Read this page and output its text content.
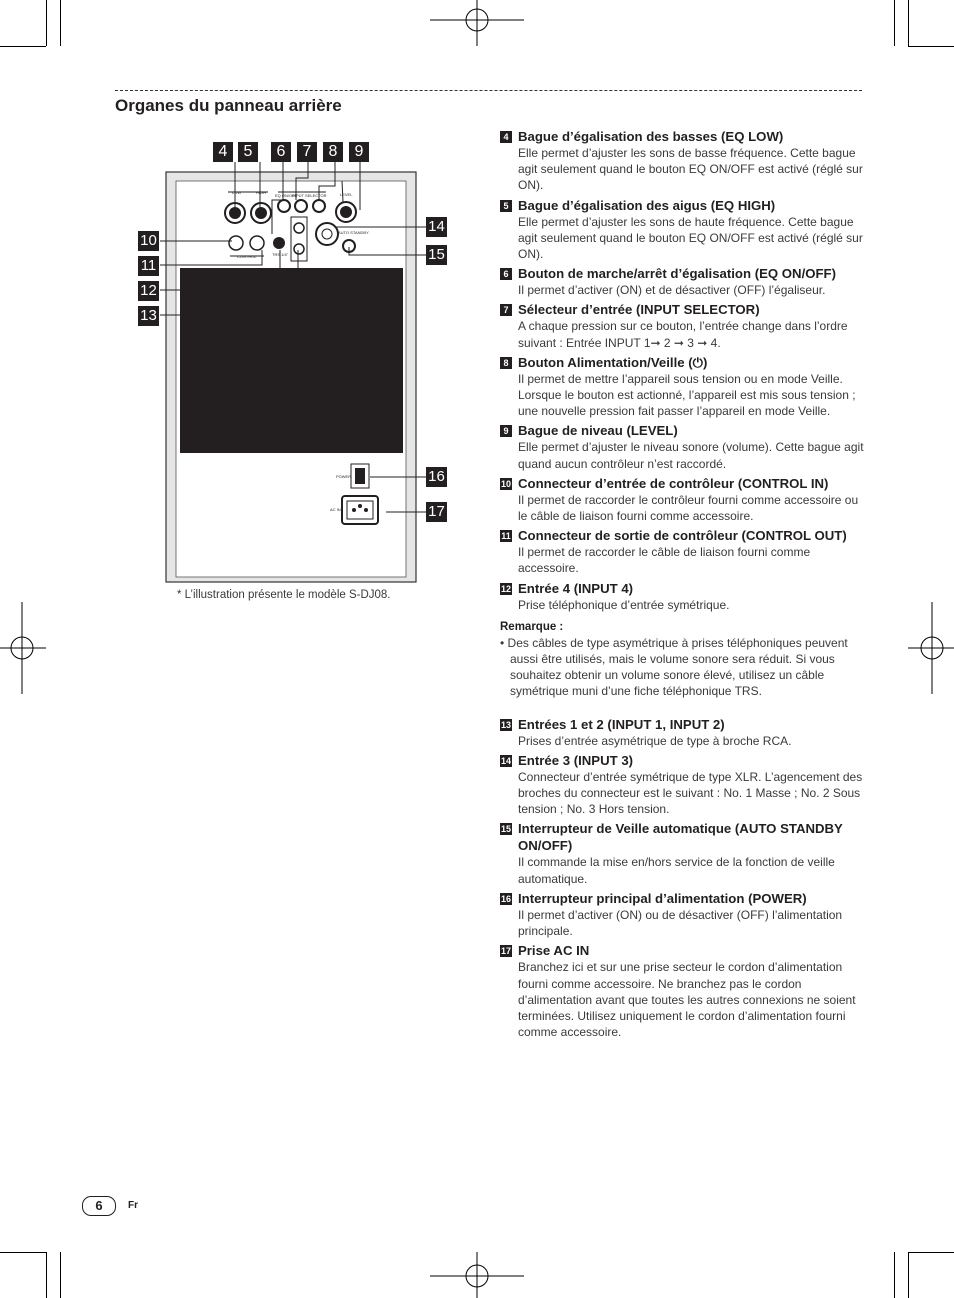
Organes du panneau arrière
LOW	HIGH
EQ ON/OFF
INPUT SELECTOR	LEVEL
CONTROL	TRS 1/4"
AUTO STANDBY
POWER
AC IN
4	5	6	7	8	9
10
11
12
13
14
15
16
17
* L’illustration présente le modèle S-DJ08.
4 Bague d’égalisation des basses (EQ LOW)
Elle permet d’ajuster les sons de basse fréquence. Cette bague agit seulement quand le bouton EQ ON/OFF est activé (réglé sur ON).
5 Bague d’égalisation des aigus (EQ HIGH)
Elle permet d’ajuster les sons de haute fréquence. Cette bague agit seulement quand le bouton EQ ON/OFF est activé (réglé sur ON).
6 Bouton de marche/arrêt d’égalisation (EQ ON/OFF)
Il permet d’activer (ON) et de désactiver (OFF) l’égaliseur.
7 Sélecteur d’entrée (INPUT SELECTOR)
A chaque pression sur ce bouton, l’entrée change dans l’ordre suivant : Entrée INPUT 1➞ 2 ➞ 3 ➞ 4.
8 Bouton Alimentation/Veille (⏻)
Il permet de mettre l’appareil sous tension ou en mode Veille. Lorsque le bouton est actionné, l’appareil est mis sous tension ; une nouvelle pression fait passer l’appareil en mode Veille.
9 Bague de niveau (LEVEL)
Elle permet d’ajuster le niveau sonore (volume). Cette bague agit quand aucun contrôleur n’est raccordé.
10 Connecteur d’entrée de contrôleur (CONTROL IN)
Il permet de raccorder le contrôleur fourni comme accessoire ou le câble de liaison fourni comme accessoire.
11 Connecteur de sortie de contrôleur (CONTROL OUT)
Il permet de raccorder le câble de liaison fourni comme accessoire.
12 Entrée 4 (INPUT 4)
Prise téléphonique d’entrée symétrique.
Remarque :
• Des câbles de type asymétrique à prises téléphoniques peuvent aussi être utilisés, mais le volume sonore sera réduit. Si vous souhaitez obtenir un volume sonore élevé, utilisez un câble symétrique muni d’une fiche téléphonique TRS.
13 Entrées 1 et 2 (INPUT 1, INPUT 2)
Prises d’entrée asymétrique de type à broche RCA.
14 Entrée 3 (INPUT 3)
Connecteur d’entrée symétrique de type XLR. L’agencement des broches du connecteur est le suivant : No. 1 Masse ; No. 2 Sous tension ; No. 3 Hors tension.
15 Interrupteur de Veille automatique (AUTO STANDBY ON/OFF)
Il commande la mise en/hors service de la fonction de veille automatique.
16 Interrupteur principal d’alimentation (POWER)
Il permet d’activer (ON) ou de désactiver (OFF) l’alimentation principale.
17 Prise AC IN
Branchez ici et sur une prise secteur le cordon d’alimentation fourni comme accessoire. Ne branchez pas le cordon d’alimentation avant que toutes les autres connexions ne soient terminées. Utilisez uniquement le cordon d’alimentation fourni comme accessoire.
6	Fr
